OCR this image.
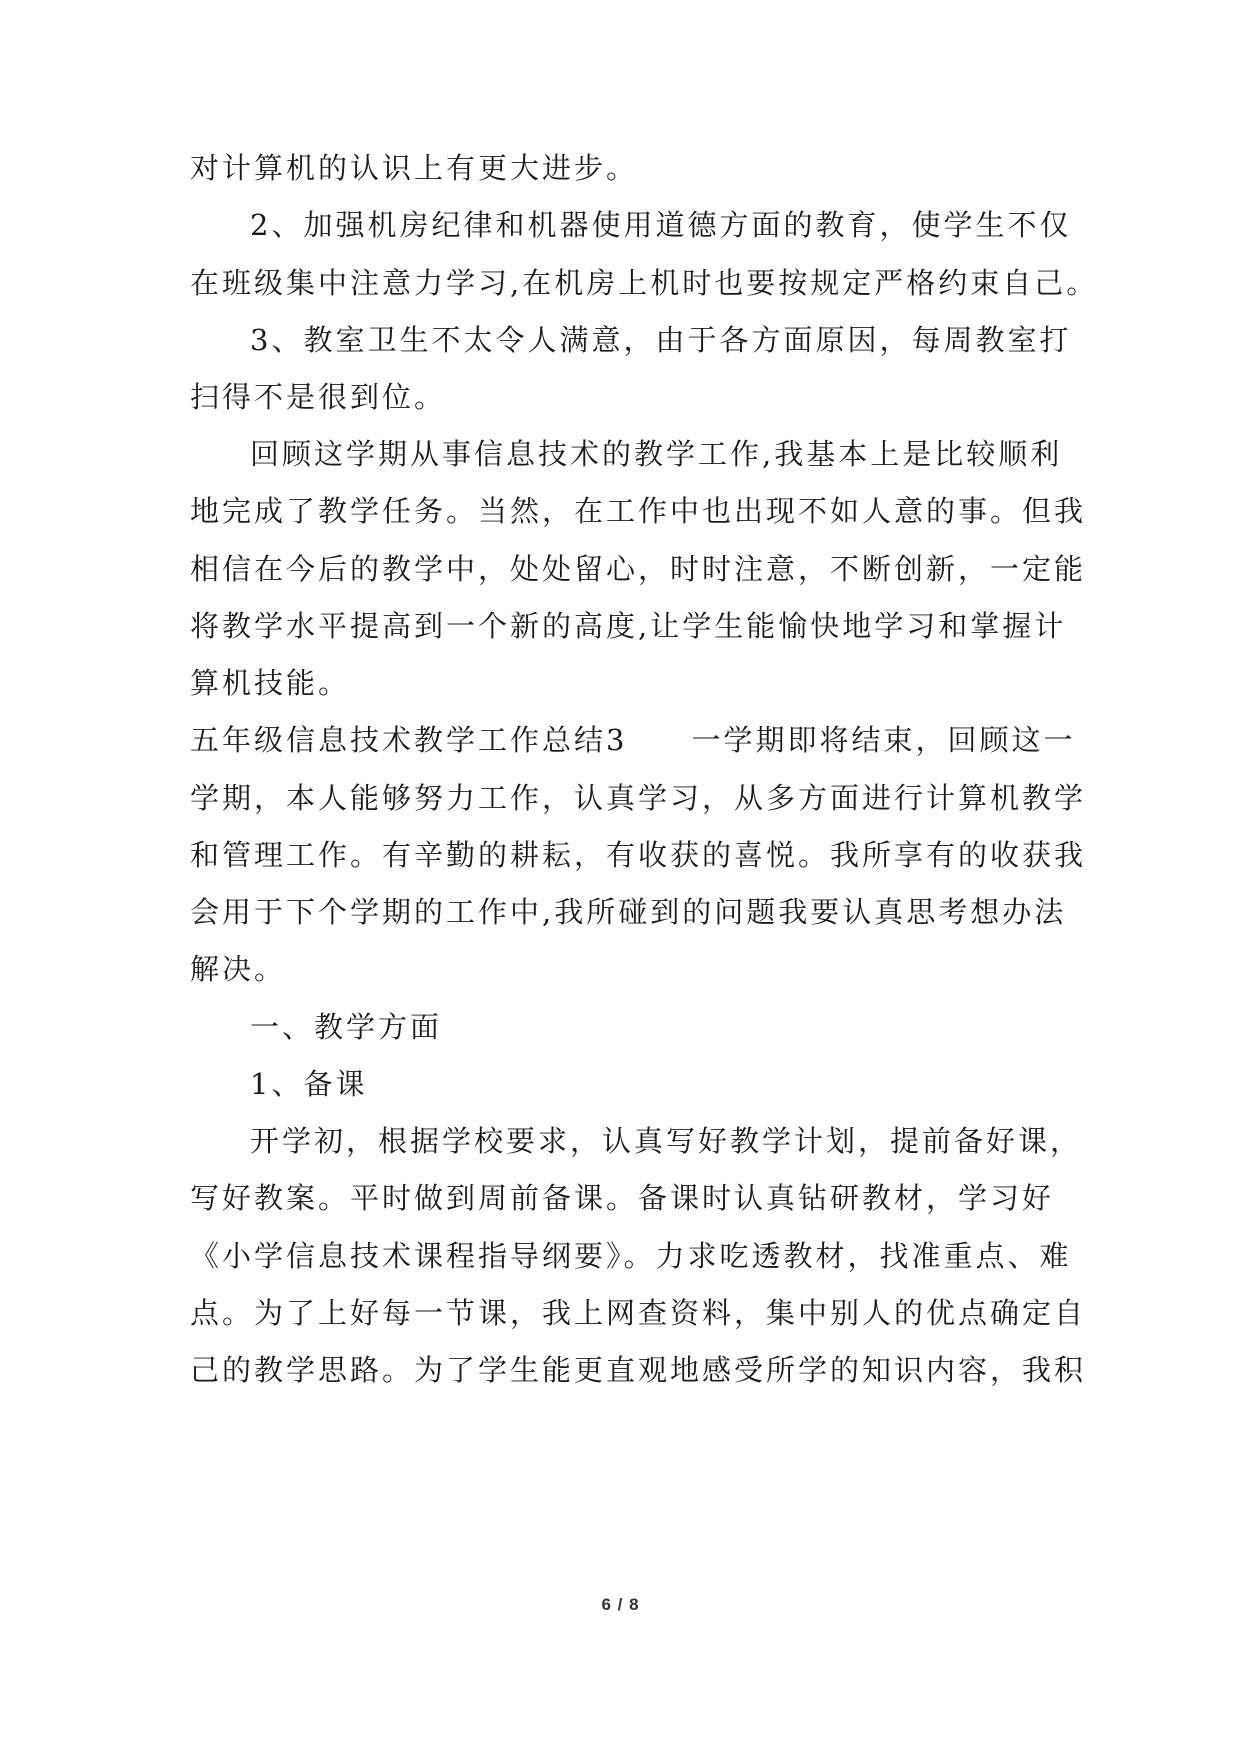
对计算机的认识上有更大进步。
2、加强机房纪律和机器使用道德方面的教育，使学生不仅
在班级集中注意力学习,在机房上机时也要按规定严格约束自己。
3、教室卫生不太令人满意，由于各方面原因，每周教室打
扫得不是很到位。
回顾这学期从事信息技术的教学工作,我基本上是比较顺利
地完成了教学任务。当然，在工作中也出现不如人意的事。但我
相信在今后的教学中，处处留心，时时注意，不断创新，一定能
将教学水平提高到一个新的高度,让学生能愉快地学习和掌握计
算机技能。
五年级信息技术教学工作总结3　　一学期即将结束，回顾这一
学期，本人能够努力工作，认真学习，从多方面进行计算机教学
和管理工作。有辛勤的耕耘，有收获的喜悦。我所享有的收获我
会用于下个学期的工作中,我所碰到的问题我要认真思考想办法
解决。
一、教学方面
1、备课
开学初，根据学校要求，认真写好教学计划，提前备好课，
写好教案。平时做到周前备课。备课时认真钻研教材，学习好
《小学信息技术课程指导纲要》。力求吃透教材，找准重点、难
点。为了上好每一节课，我上网查资料，集中别人的优点确定自
己的教学思路。为了学生能更直观地感受所学的知识内容，我积
6 / 8
